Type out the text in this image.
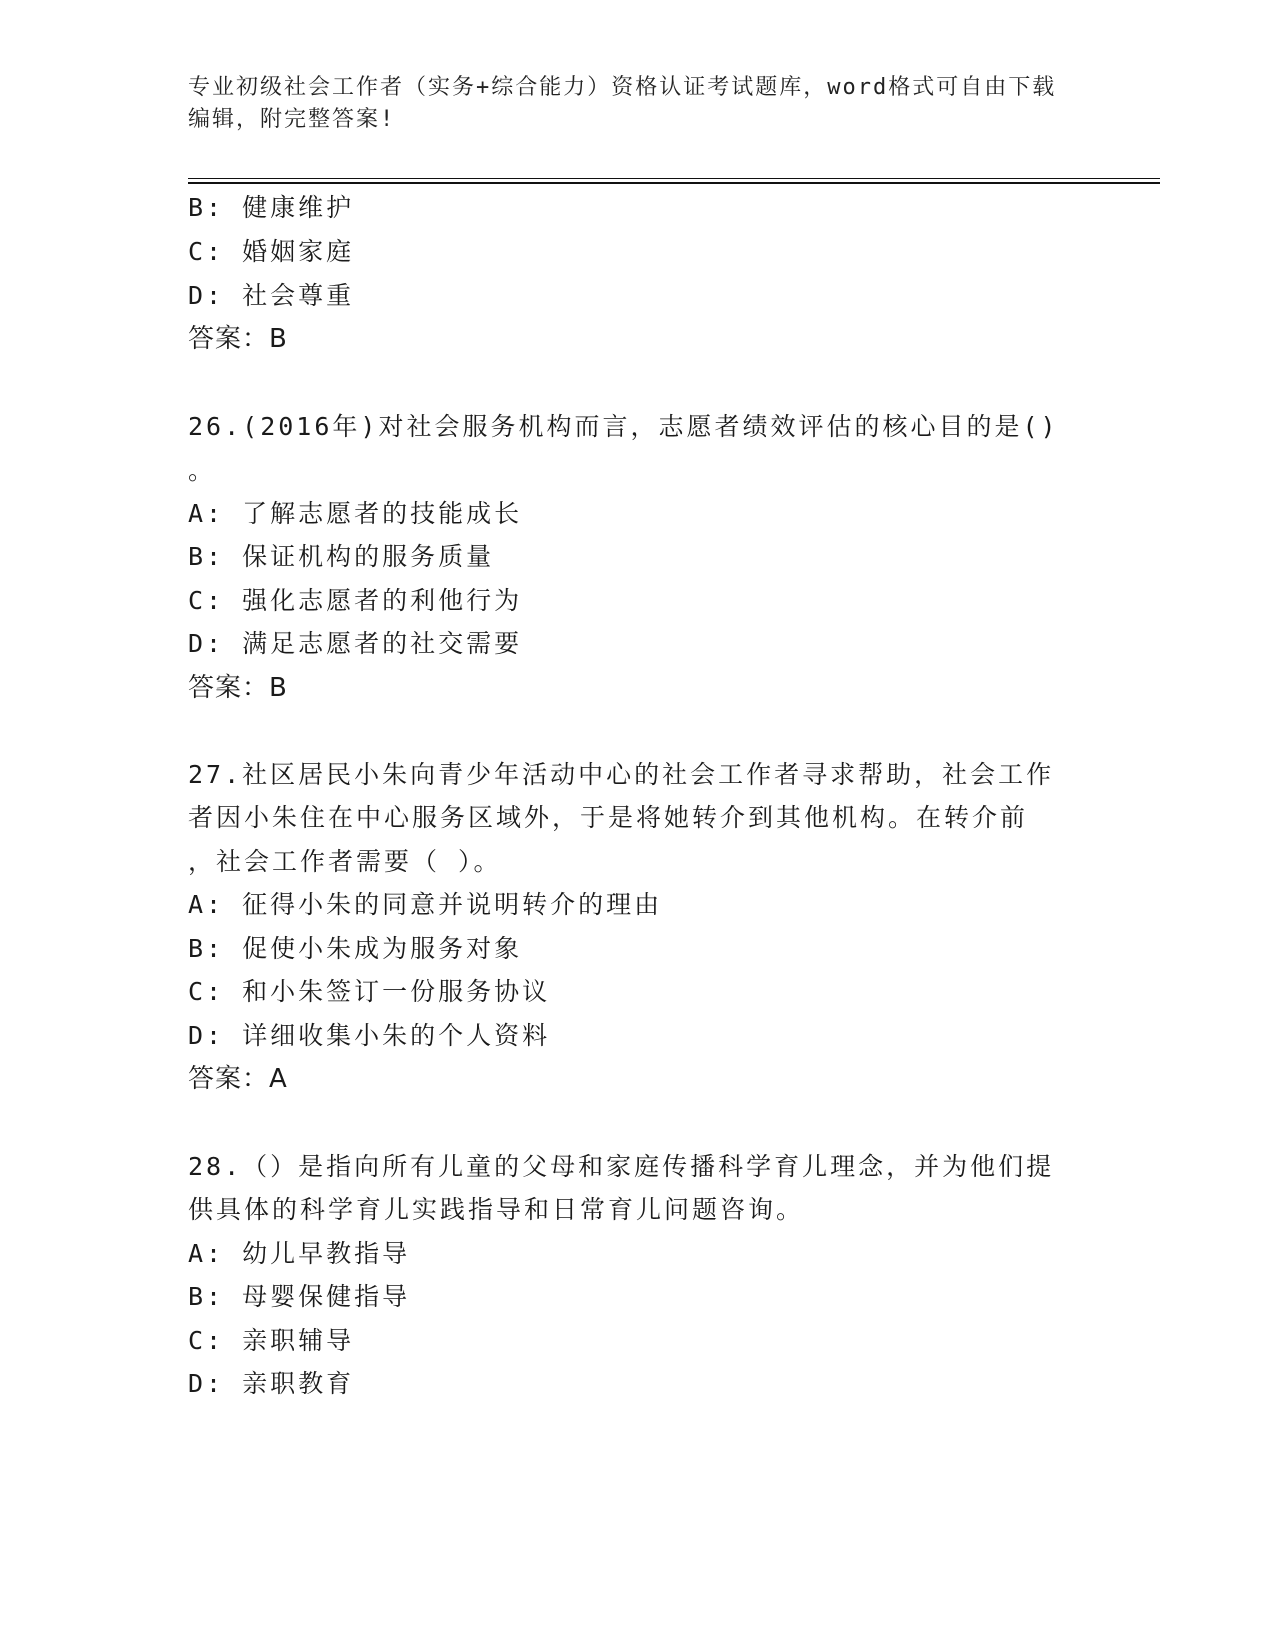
专业初级社会工作者（实务+综合能力）资格认证考试题库，word格式可自由下载
编辑，附完整答案!
B: 健康维护
C: 婚姻家庭
D: 社会尊重
答案：B
26.(2016年)对社会服务机构而言，志愿者绩效评估的核心目的是()
。
A: 了解志愿者的技能成长
B: 保证机构的服务质量
C: 强化志愿者的利他行为
D: 满足志愿者的社交需要
答案：B
27.社区居民小朱向青少年活动中心的社会工作者寻求帮助，社会工作
者因小朱住在中心服务区域外，于是将她转介到其他机构。在转介前
，社会工作者需要（ ）。
A: 征得小朱的同意并说明转介的理由
B: 促使小朱成为服务对象
C: 和小朱签订一份服务协议
D: 详细收集小朱的个人资料
答案：A
28.（）是指向所有儿童的父母和家庭传播科学育儿理念，并为他们提
供具体的科学育儿实践指导和日常育儿问题咨询。
A: 幼儿早教指导
B: 母婴保健指导
C: 亲职辅导
D: 亲职教育
